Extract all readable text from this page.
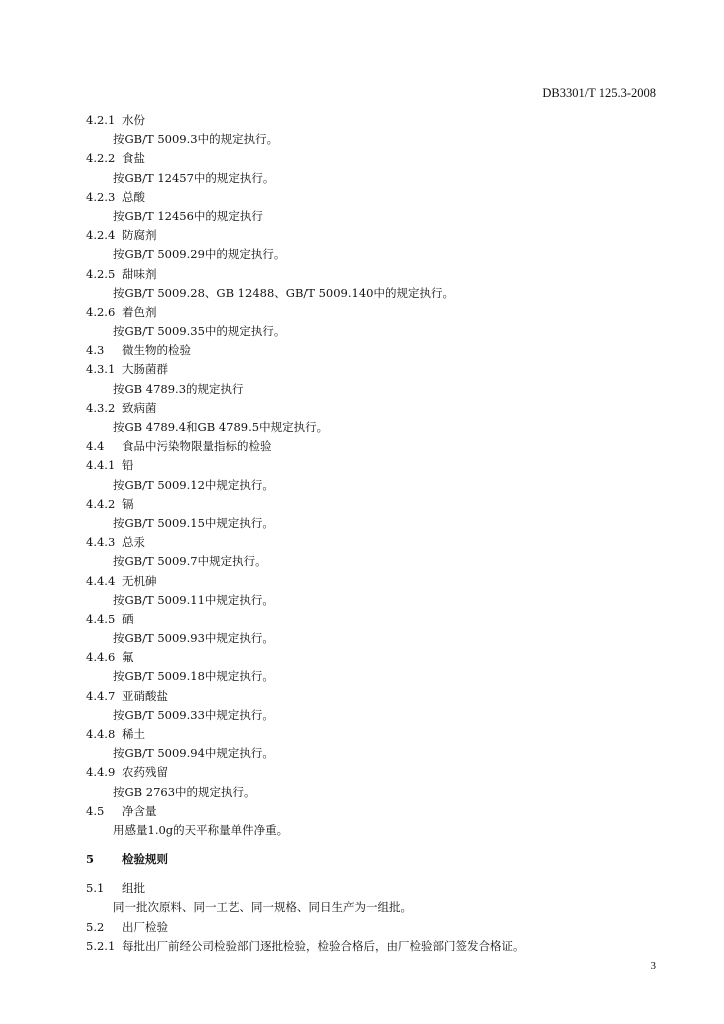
DB3301/T 125.3-2008
4.2.1 水份
按GB/T 5009.3中的规定执行。
4.2.2 食盐
按GB/T 12457中的规定执行。
4.2.3 总酸
按GB/T 12456中的规定执行
4.2.4 防腐剂
按GB/T 5009.29中的规定执行。
4.2.5 甜味剂
按GB/T 5009.28、GB 12488、GB/T 5009.140中的规定执行。
4.2.6 着色剂
按GB/T 5009.35中的规定执行。
4.3 微生物的检验
4.3.1 大肠菌群
按GB 4789.3的规定执行
4.3.2 致病菌
按GB 4789.4和GB 4789.5中规定执行。
4.4 食品中污染物限量指标的检验
4.4.1 铅
按GB/T 5009.12中规定执行。
4.4.2 镉
按GB/T 5009.15中规定执行。
4.4.3 总汞
按GB/T 5009.7中规定执行。
4.4.4 无机砷
按GB/T 5009.11中规定执行。
4.4.5 硒
按GB/T 5009.93中规定执行。
4.4.6 氟
按GB/T 5009.18中规定执行。
4.4.7 亚硝酸盐
按GB/T 5009.33中规定执行。
4.4.8 稀土
按GB/T 5009.94中规定执行。
4.4.9 农药残留
按GB 2763中的规定执行。
4.5 净含量
用感量1.0g的天平称量单件净重。
5 检验规则
5.1 组批
同一批次原料、同一工艺、同一规格、同日生产为一组批。
5.2 出厂检验
5.2.1 每批出厂前经公司检验部门逐批检验，检验合格后，由厂检验部门签发合格证。
3
